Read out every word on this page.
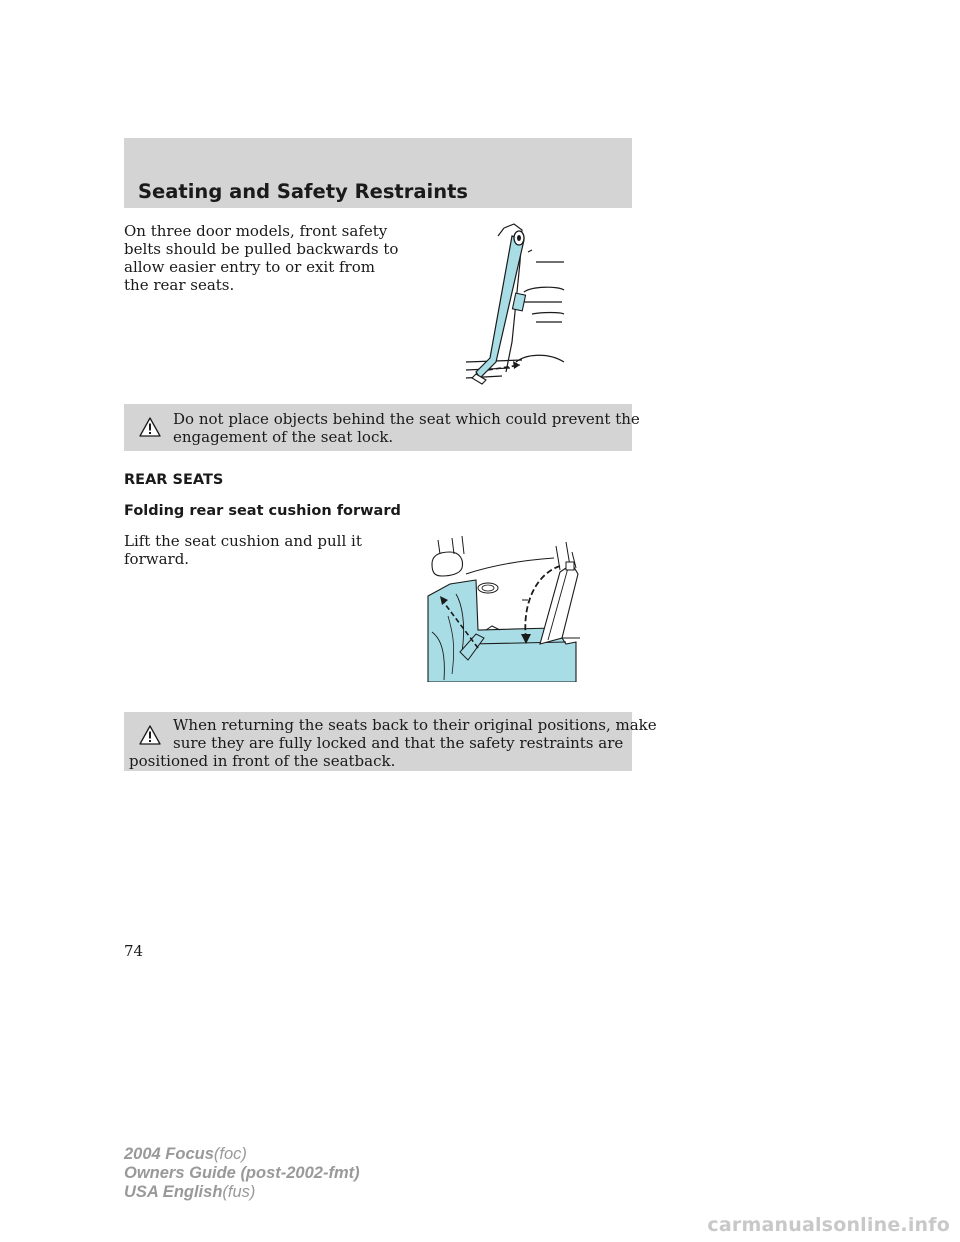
Seating and Safety Restraints
On three door models, front safety
belts should be pulled backwards to
allow easier entry to or exit from
the rear seats.
Do not place objects behind the seat which could prevent the
engagement of the seat lock.
REAR SEATS
Folding rear seat cushion forward
Lift the seat cushion and pull it
forward.
When returning the seats back to their original positions, make
sure they are fully locked and that the safety restraints are
positioned in front of the seatback.
74
2004 Focus(foc)
Owners Guide (post-2002-fmt)
USA English(fus)
carmanualsonline.info
